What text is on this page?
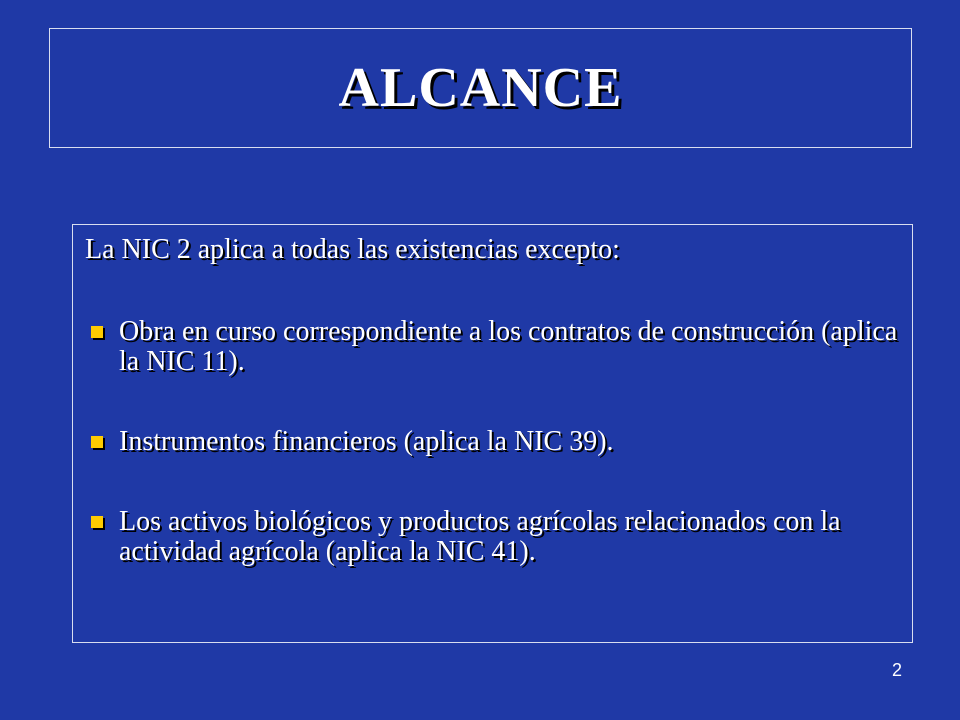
ALCANCE

La NIC 2 aplica a todas las existencias excepto:

Obra en curso correspondiente a los contratos de construcción (aplica la NIC 11).
Instrumentos financieros (aplica la NIC 39).
Los activos biológicos y productos agrícolas relacionados con la actividad agrícola (aplica la NIC 41).
2
